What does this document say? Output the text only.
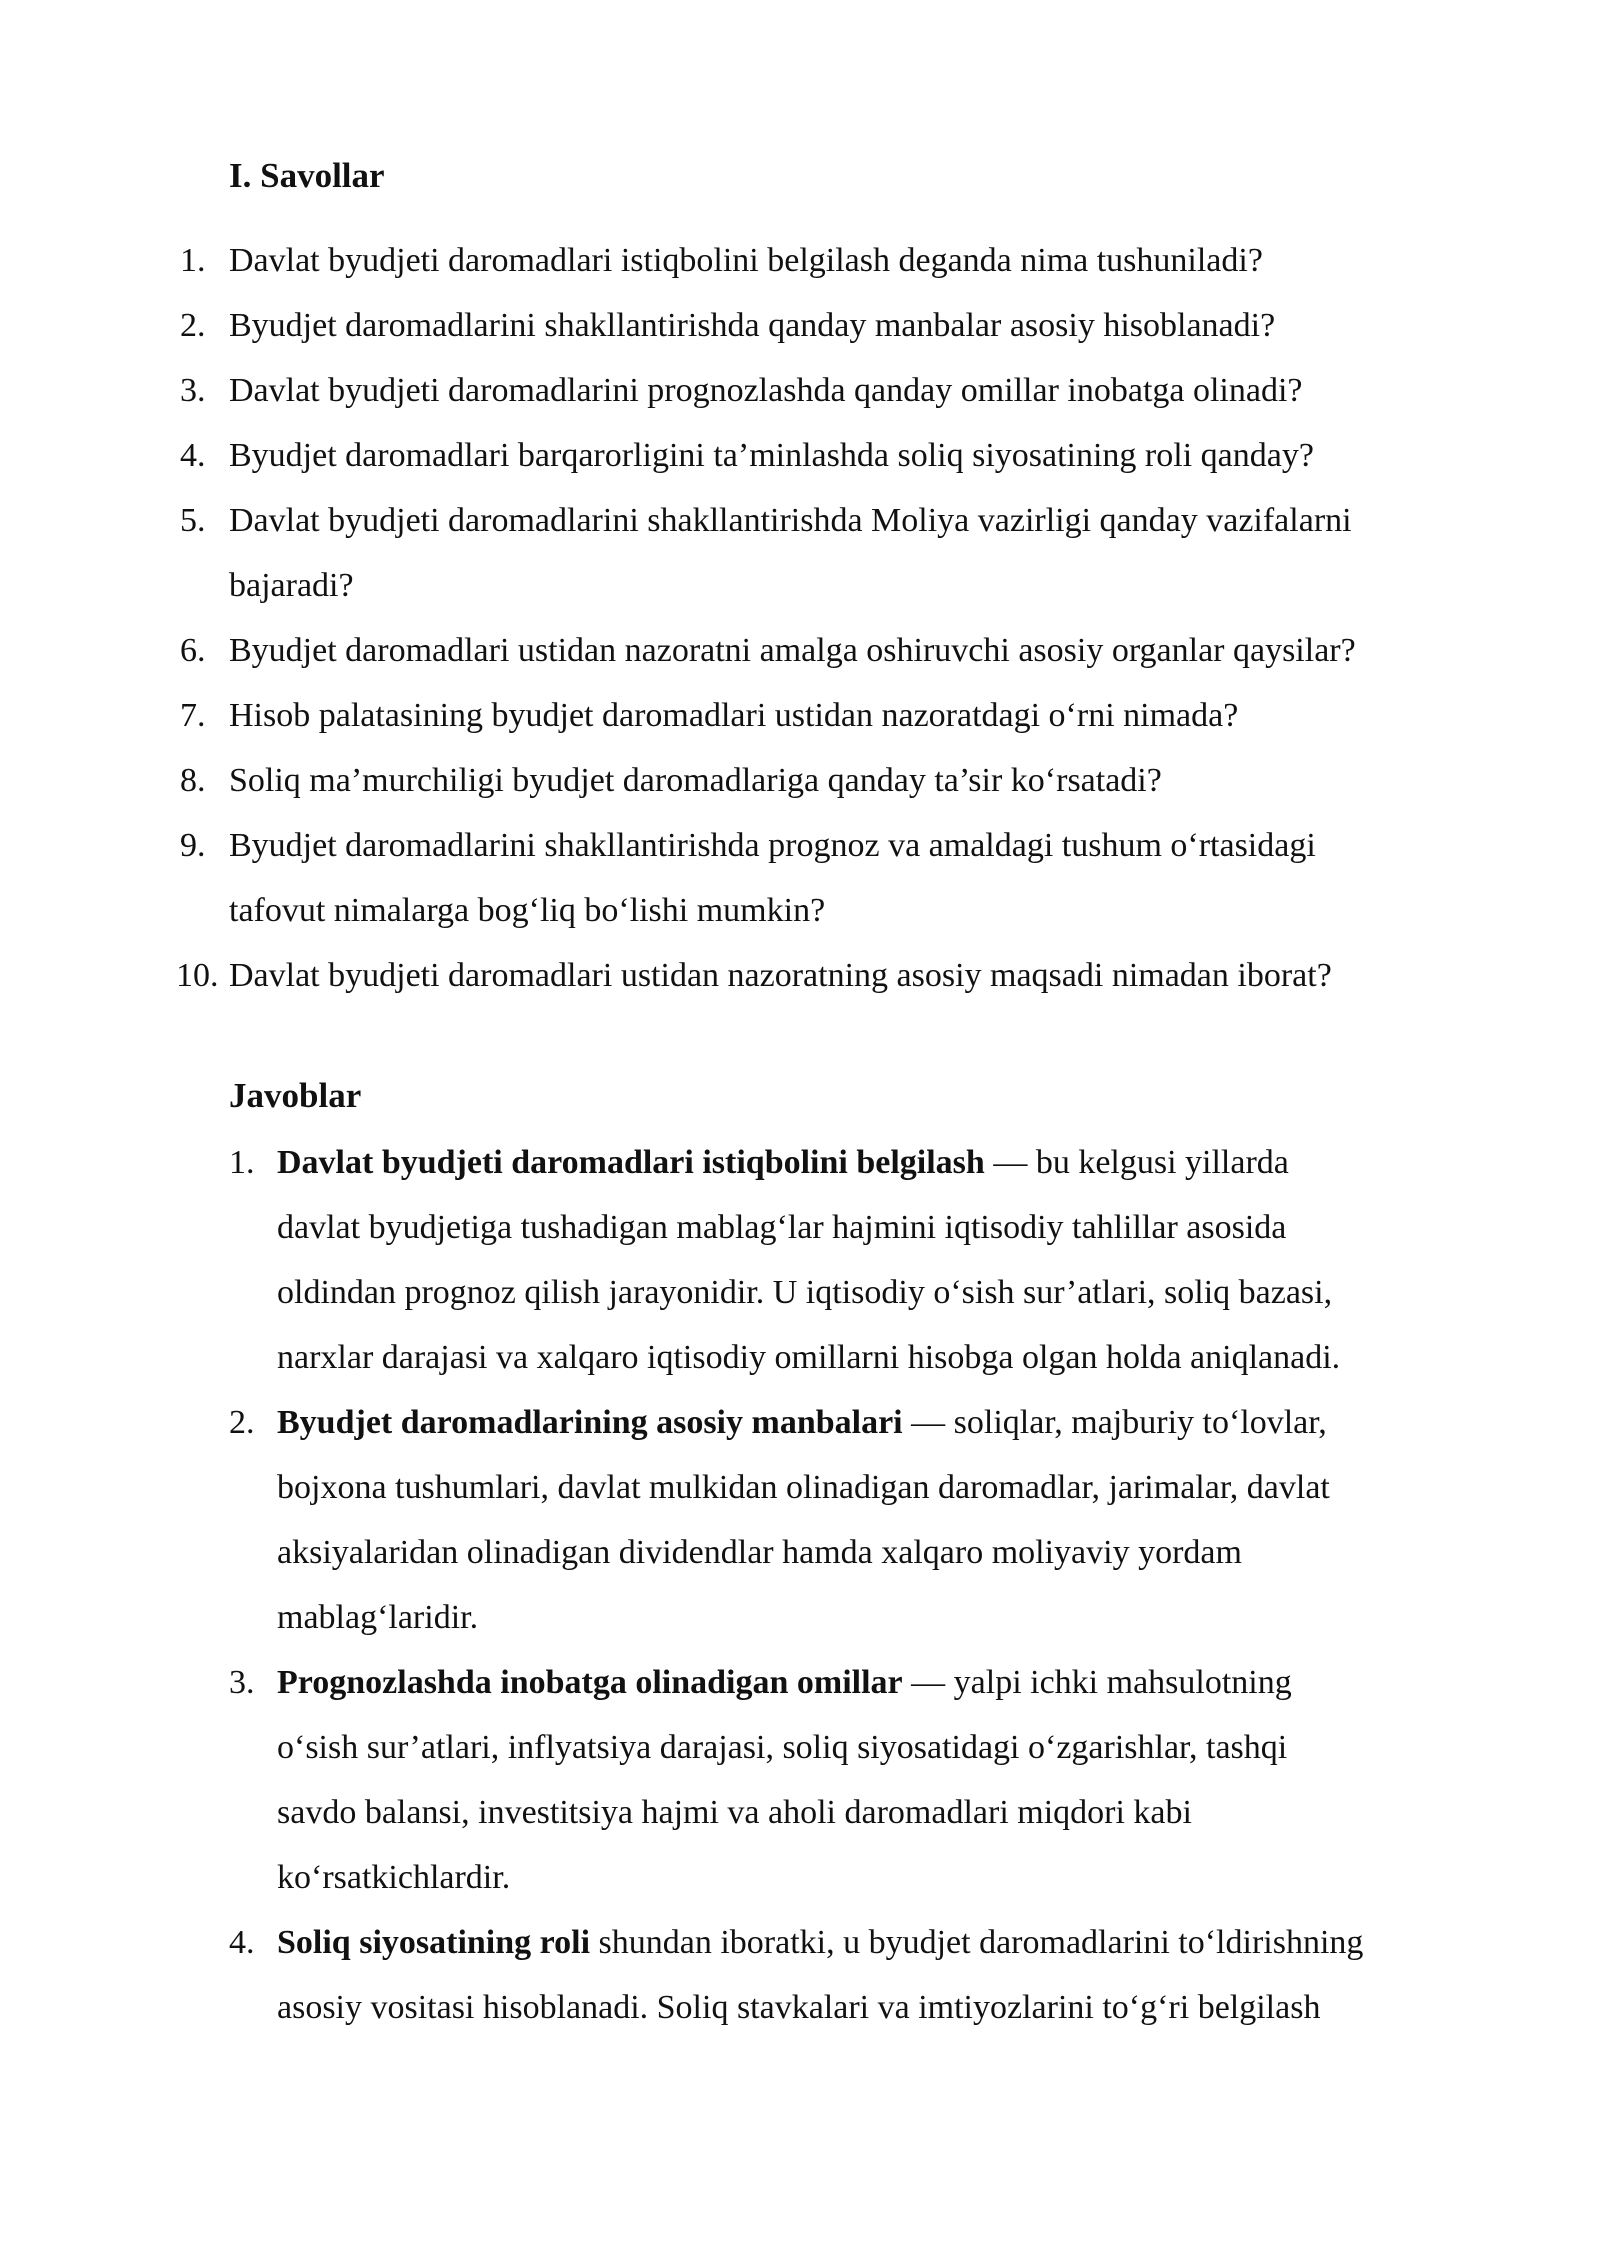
I. Savollar
1. Davlat byudjeti daromadlari istiqbolini belgilash deganda nima tushuniladi?
2. Byudjet daromadlarini shakllantirishda qanday manbalar asosiy hisoblanadi?
3. Davlat byudjeti daromadlarini prognozlashda qanday omillar inobatga olinadi?
4. Byudjet daromadlari barqarorligini ta’minlashda soliq siyosatining roli qanday?
5. Davlat byudjeti daromadlarini shakllantirishda Moliya vazirligi qanday vazifalarni
bajaradi?
6. Byudjet daromadlari ustidan nazoratni amalga oshiruvchi asosiy organlar qaysilar?
7. Hisob palatasining byudjet daromadlari ustidan nazoratdagi o‘rni nimada?
8. Soliq ma’murchiligi byudjet daromadlariga qanday ta’sir ko‘rsatadi?
9. Byudjet daromadlarini shakllantirishda prognoz va amaldagi tushum o‘rtasidagi
tafovut nimalarga bog‘liq bo‘lishi mumkin?
10. Davlat byudjeti daromadlari ustidan nazoratning asosiy maqsadi nimadan iborat?
Javoblar
1. Davlat byudjeti daromadlari istiqbolini belgilash — bu kelgusi yillarda
davlat byudjetiga tushadigan mablag‘lar hajmini iqtisodiy tahlillar asosida
oldindan prognoz qilish jarayonidir. U iqtisodiy o‘sish sur’atlari, soliq bazasi,
narxlar darajasi va xalqaro iqtisodiy omillarni hisobga olgan holda aniqlanadi.
2. Byudjet daromadlarining asosiy manbalari — soliqlar, majburiy to‘lovlar,
bojxona tushumlari, davlat mulkidan olinadigan daromadlar, jarimalar, davlat
aksiyalaridan olinadigan dividendlar hamda xalqaro moliyaviy yordam
mablag‘laridir.
3. Prognozlashda inobatga olinadigan omillar — yalpi ichki mahsulotning
o‘sish sur’atlari, inflyatsiya darajasi, soliq siyosatidagi o‘zgarishlar, tashqi
savdo balansi, investitsiya hajmi va aholi daromadlari miqdori kabi
ko‘rsatkichlardir.
4. Soliq siyosatining roli shundan iboratki, u byudjet daromadlarini to‘ldirishning
asosiy vositasi hisoblanadi. Soliq stavkalari va imtiyozlarini to‘g‘ri belgilash
